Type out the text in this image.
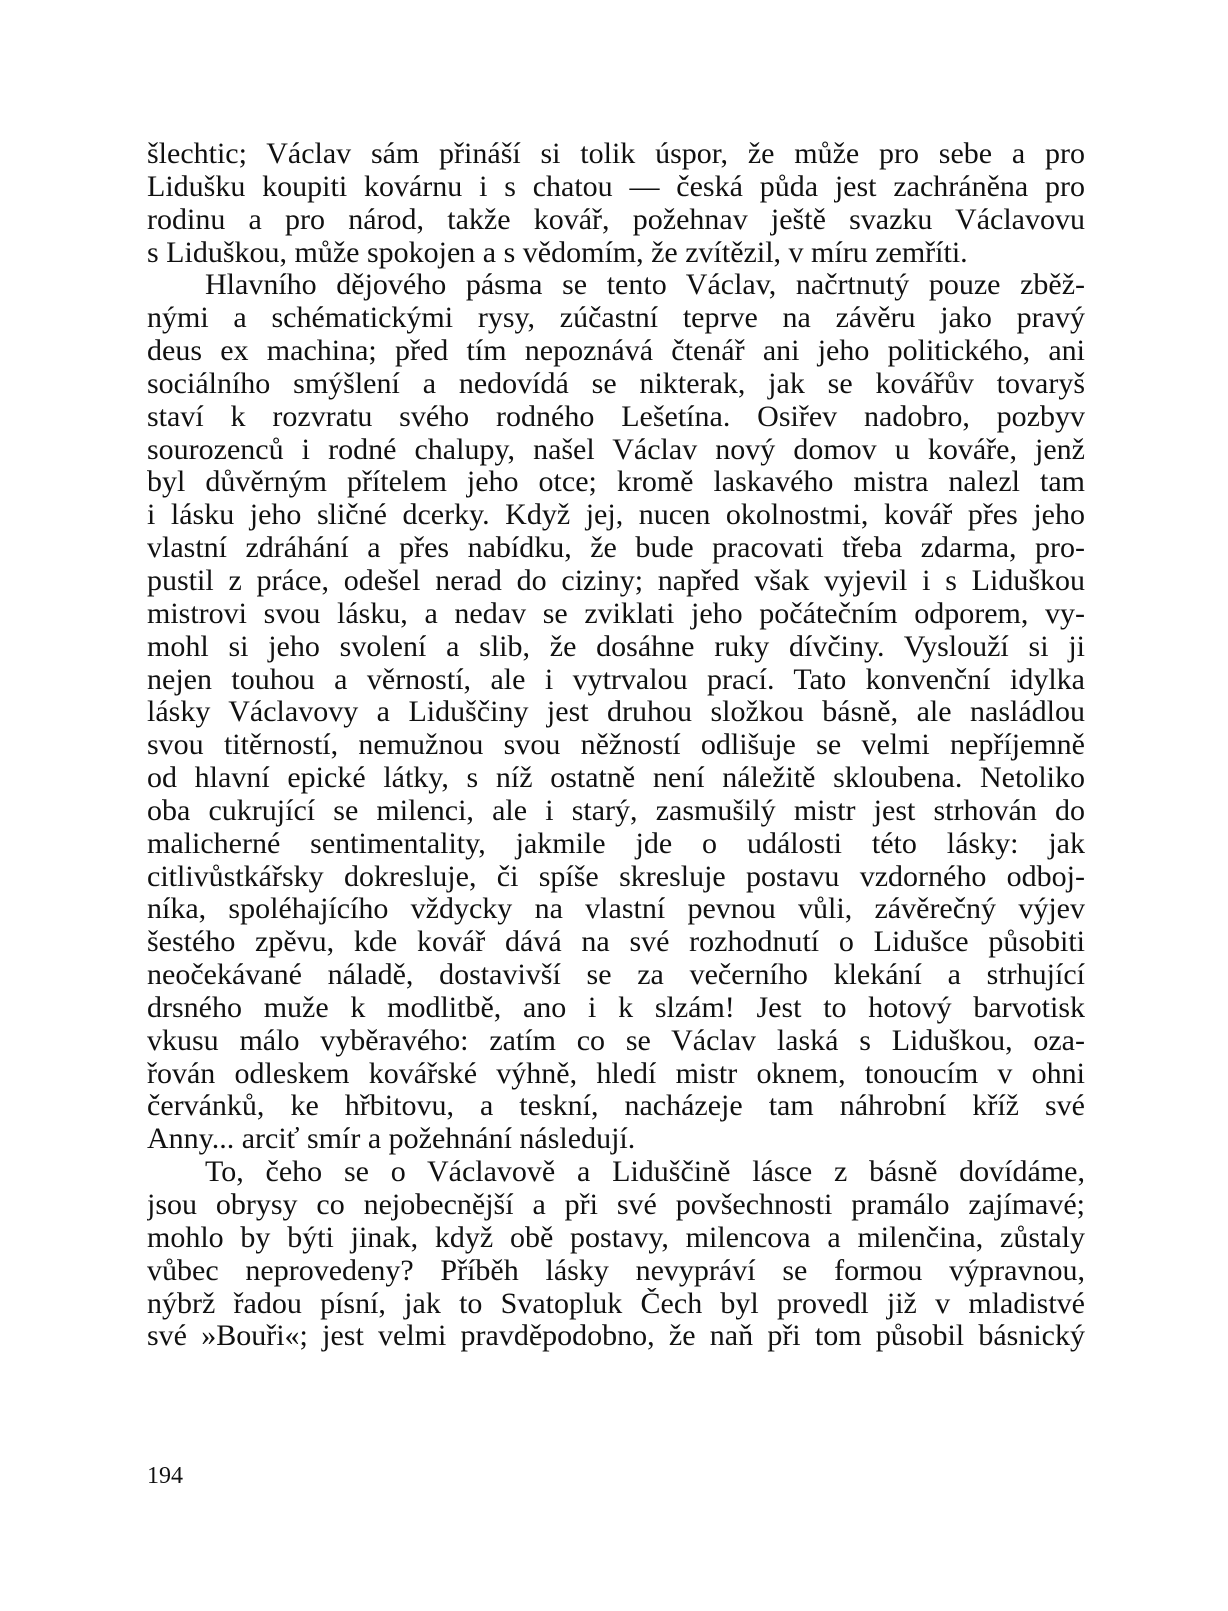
šlechtic; Václav sám přináší si tolik úspor, že může pro sebe a pro
Lidušku koupiti kovárnu i s chatou — česká půda jest zachráněna pro
rodinu a pro národ, takže kovář, požehnav ještě svazku Václavovu
s Liduškou, může spokojen a s vědomím, že zvítězil, v míru zemříti.
Hlavního dějového pásma se tento Václav, načrtnutý pouze zběž-
nými a schématickými rysy, zúčastní teprve na závěru jako pravý
deus ex machina; před tím nepoznává čtenář ani jeho politického, ani
sociálního smýšlení a nedovídá se nikterak, jak se kovářův tovaryš
staví k rozvratu svého rodného Lešetína. Osiřev nadobro, pozbyv
sourozenců i rodné chalupy, našel Václav nový domov u kováře, jenž
byl důvěrným přítelem jeho otce; kromě laskavého mistra nalezl tam
i lásku jeho sličné dcerky. Když jej, nucen okolnostmi, kovář přes jeho
vlastní zdráhání a přes nabídku, že bude pracovati třeba zdarma, pro-
pustil z práce, odešel nerad do ciziny; napřed však vyjevil i s Liduškou
mistrovi svou lásku, a nedav se zviklati jeho počátečním odporem, vy-
mohl si jeho svolení a slib, že dosáhne ruky dívčiny. Vyslouží si ji
nejen touhou a věrností, ale i vytrvalou prací. Tato konvenční idylka
lásky Václavovy a Liduščiny jest druhou složkou básně, ale nasládlou
svou titěrností, nemužnou svou něžností odlišuje se velmi nepříjemně
od hlavní epické látky, s níž ostatně není náležitě skloubena. Netoliko
oba cukrující se milenci, ale i starý, zasmušilý mistr jest strhován do
malicherné sentimentality, jakmile jde o události této lásky: jak
citlivůstkářsky dokresluje, či spíše skresluje postavu vzdorného odboj-
níka, spoléhajícího vždycky na vlastní pevnou vůli, závěrečný výjev
šestého zpěvu, kde kovář dává na své rozhodnutí o Lidušce působiti
neočekávané náladě, dostavivší se za večerního klekání a strhující
drsného muže k modlitbě, ano i k slzám! Jest to hotový barvotisk
vkusu málo vyběravého: zatím co se Václav laská s Liduškou, oza-
řován odleskem kovářské výhně, hledí mistr oknem, tonoucím v ohni
červánků, ke hřbitovu, a teskní, nacházeje tam náhrobní kříž své
Anny... arciť smír a požehnání následují.
To, čeho se o Václavově a Liduščině lásce z básně dovídáme,
jsou obrysy co nejobecnější a při své povšechnosti pramálo zajímavé;
mohlo by býti jinak, když obě postavy, milencova a milenčina, zůstaly
vůbec neprovedeny? Příběh lásky nevypráví se formou výpravnou,
nýbrž řadou písní, jak to Svatopluk Čech byl provedl již v mladistvé
své »Bouři«; jest velmi pravděpodobno, že naň při tom působil básnický
194
